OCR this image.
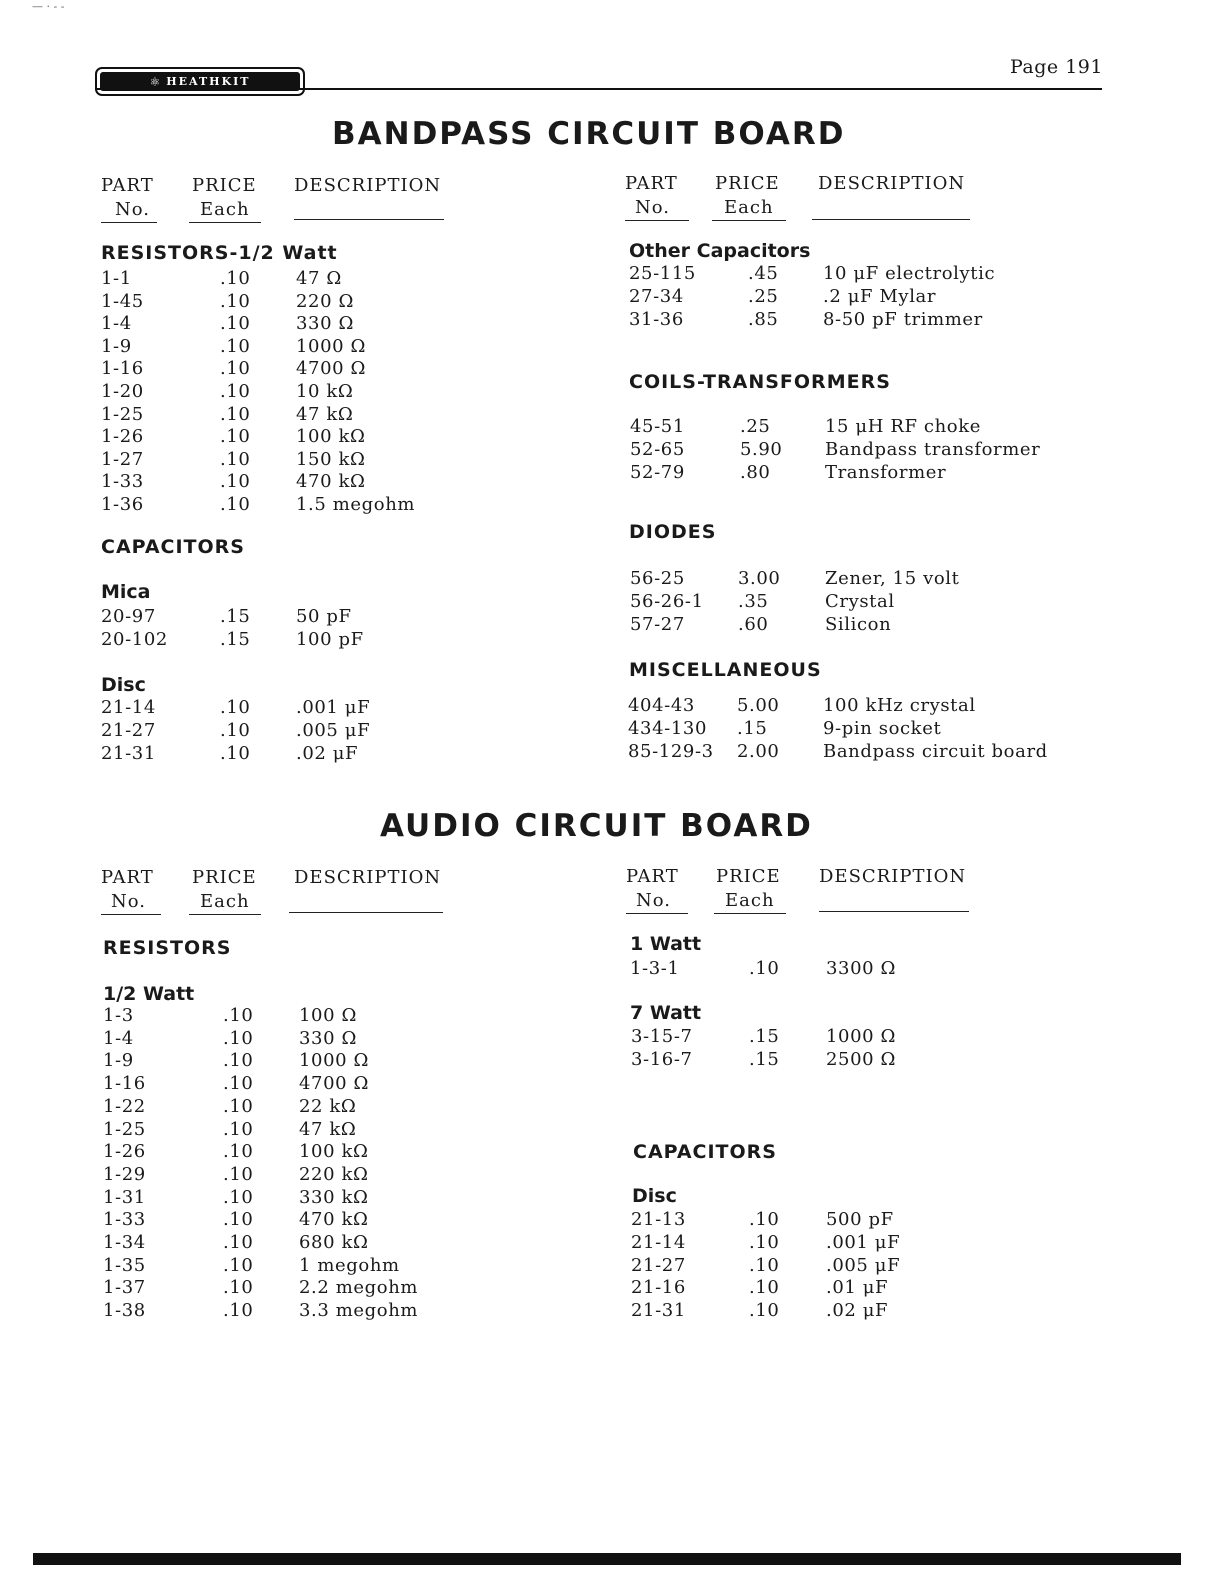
— · - -
Page 191
⚛ HEATHKIT
BANDPASS CIRCUIT BOARD
PART
No.
PRICE
Each
DESCRIPTION	PART
No.
PRICE
Each
DESCRIPTION
RESISTORS-1/2 Watt
1-1	.10	47 Ω
1-45	.10	220 Ω
1-4	.10	330 Ω
1-9	.10	1000 Ω
1-16	.10	4700 Ω
1-20	.10	10 kΩ
1-25	.10	47 kΩ
1-26	.10	100 kΩ
1-27	.10	150 kΩ
1-33	.10	470 kΩ
1-36	.10	1.5 megohm
CAPACITORS
Mica
20-97	.15	50 pF
20-102	.15	100 pF
Disc
21-14	.10	.001 μF
21-27	.10	.005 μF
21-31	.10	.02 μF
Other Capacitors
25-115	.45 10 μF electrolytic
27-34	.25 .2 μF Mylar
31-36	.85 8-50 pF trimmer
COILS-TRANSFORMERS
45-51	.25	15 μH RF choke
52-65	5.90 Bandpass transformer
52-79	.80	Transformer
DIODES
56-25	3.00 Zener, 15 volt
56-26-1 .35	Crystal
57-27	.60	Silicon
MISCELLANEOUS
404-43 5.00 100 kHz crystal
434-130 .15	9-pin socket
85-129-3 2.00 Bandpass circuit board
AUDIO CIRCUIT BOARD
PART
No.
PRICE
Each
DESCRIPTION	PART
No.
PRICE
Each
DESCRIPTION
RESISTORS
1/2 Watt
1-3	.10	100 Ω
1-4	.10	330 Ω
1-9	.10	1000 Ω
1-16	.10	4700 Ω
1-22	.10	22 kΩ
1-25	.10	47 kΩ
1-26	.10	100 kΩ
1-29	.10	220 kΩ
1-31	.10	330 kΩ
1-33	.10	470 kΩ
1-34	.10	680 kΩ
1-35	.10	1 megohm
1-37	.10	2.2 megohm
1-38	.10	3.3 megohm
1 Watt
1-3-1	.10	3300 Ω
7 Watt
3-15-7	.15	1000 Ω
3-16-7	.15	2500 Ω
CAPACITORS
Disc
21-13	.10	500 pF
21-14	.10	.001 μF
21-27	.10	.005 μF
21-16	.10	.01 μF
21-31	.10	.02 μF
